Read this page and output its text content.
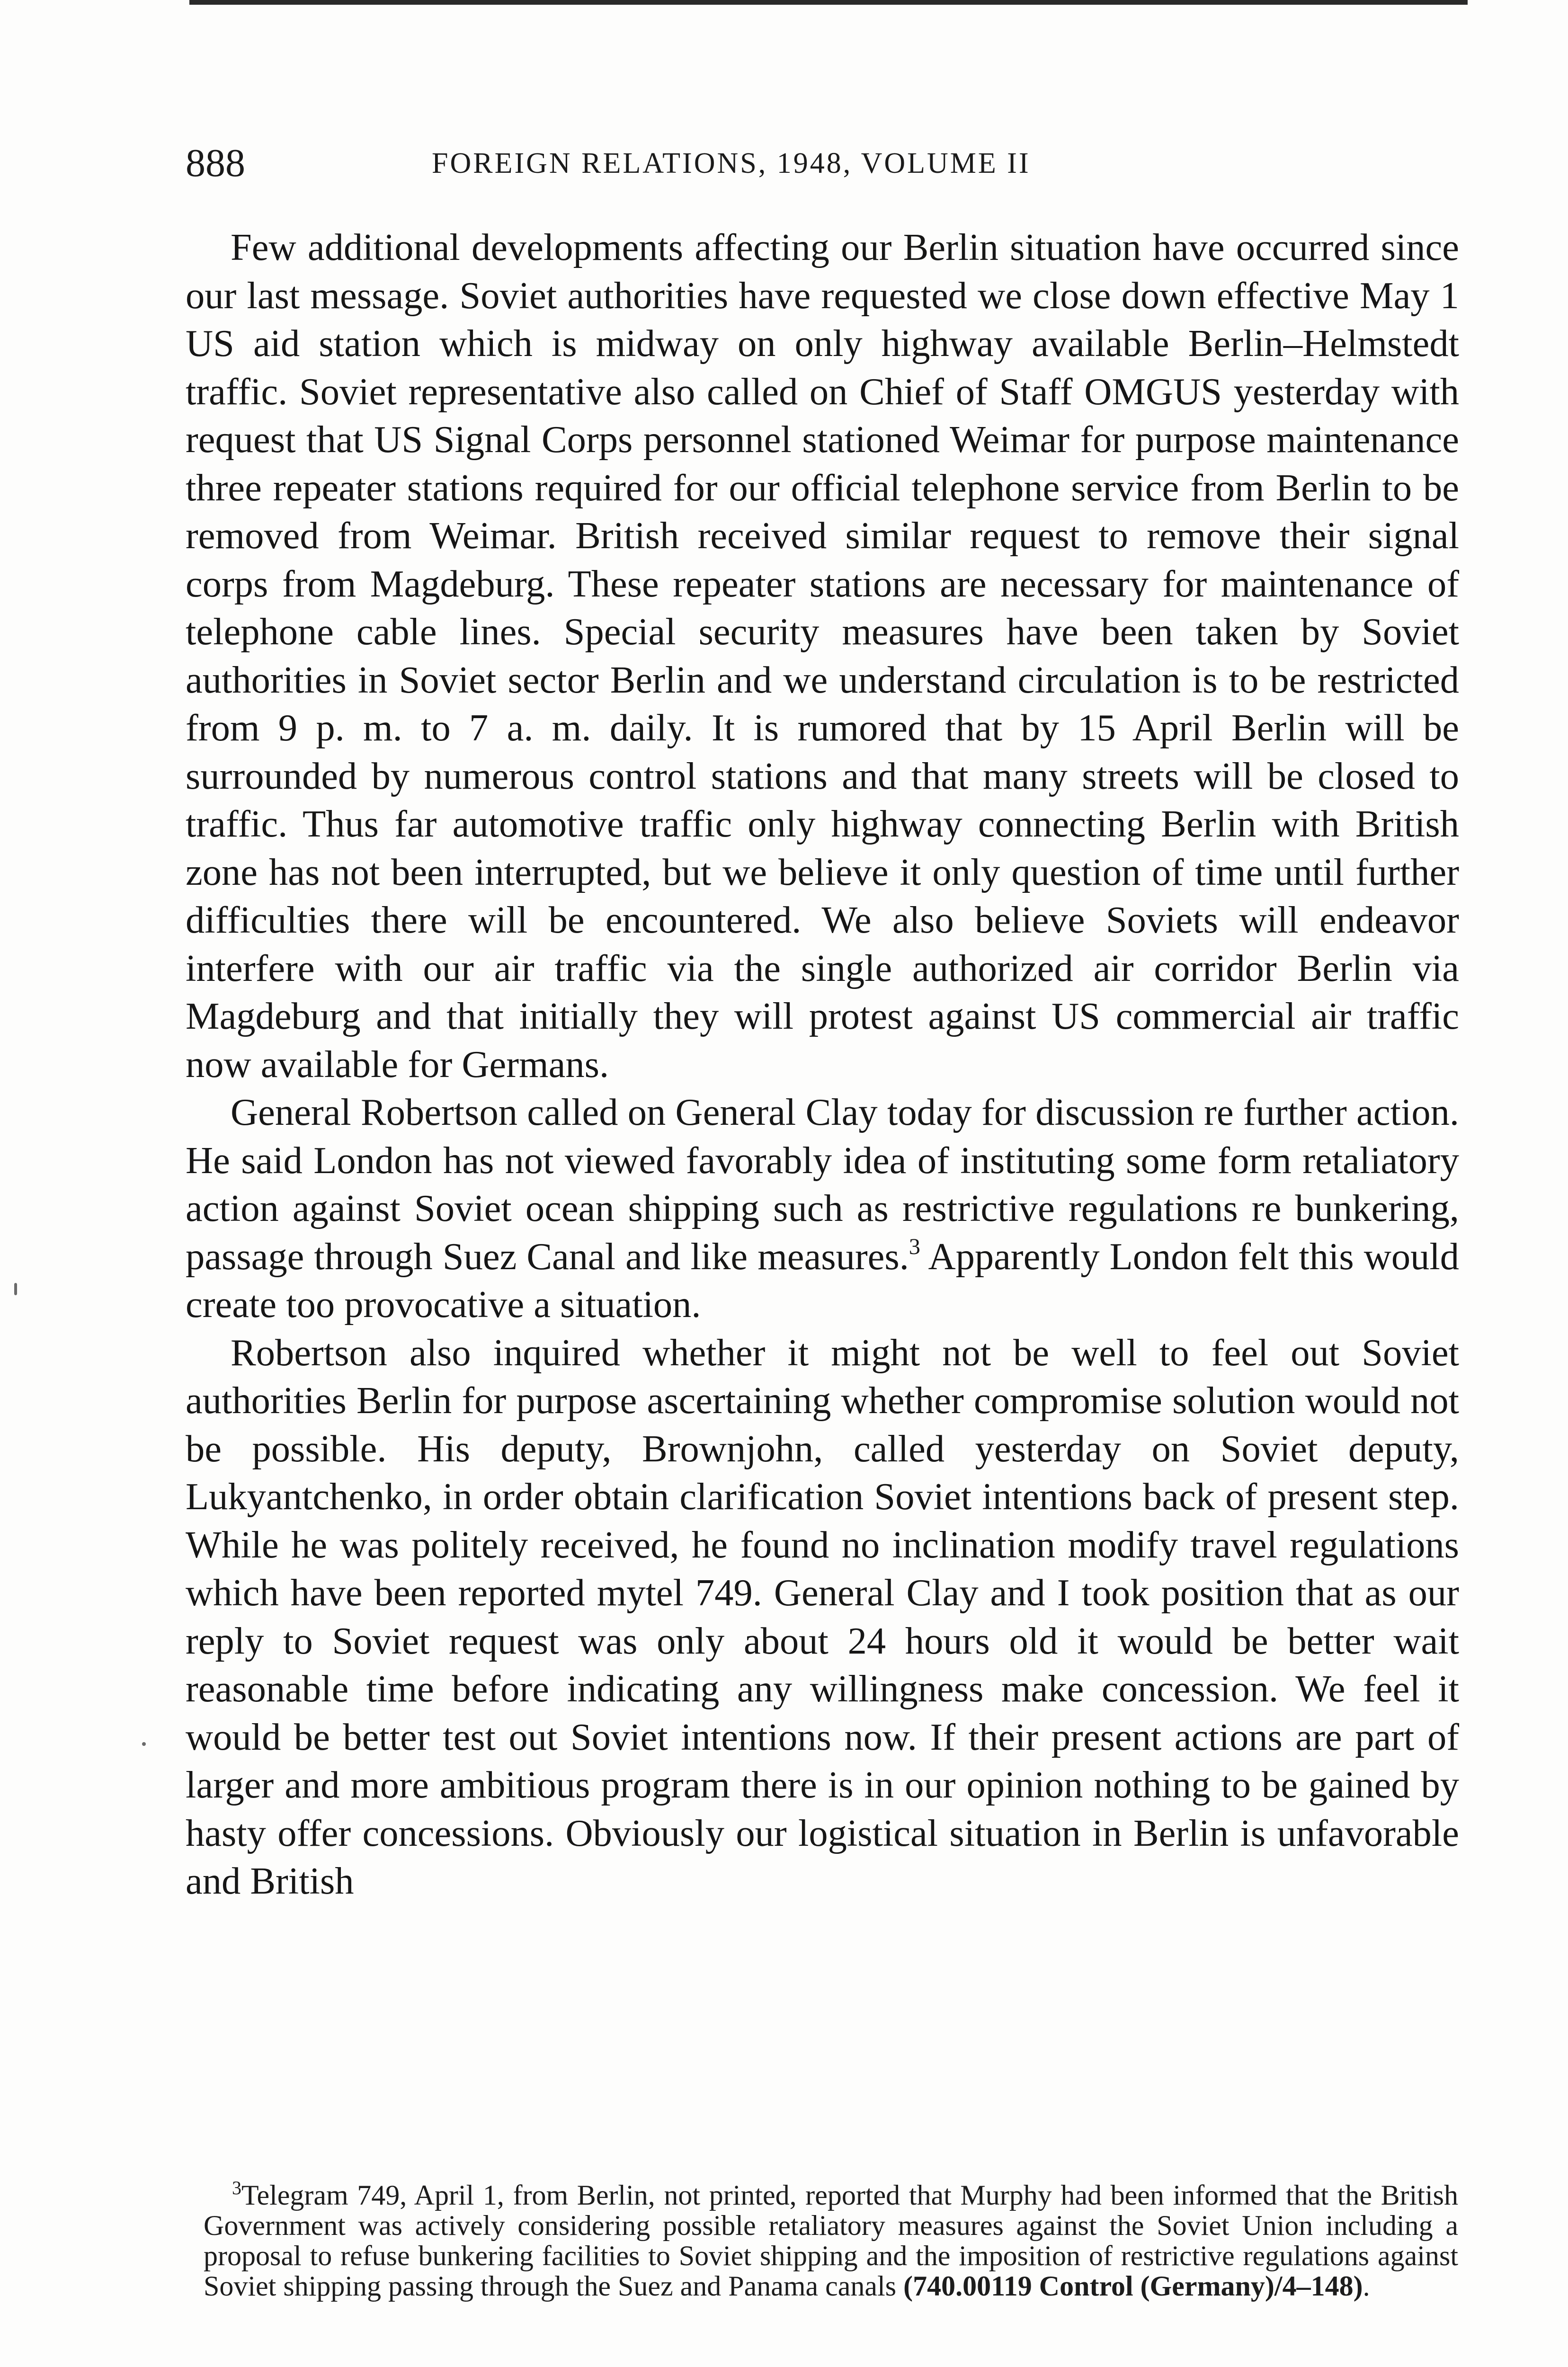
888	FOREIGN RELATIONS, 1948, VOLUME II

Few additional developments affecting our Berlin situation have occurred since our last message. Soviet authorities have requested we close down effective May 1 US aid station which is midway on only highway available Berlin–Helmstedt traffic. Soviet representative also called on Chief of Staff OMGUS yesterday with request that US Signal Corps personnel stationed Weimar for purpose maintenance three repeater stations required for our official telephone service from Berlin to be removed from Weimar. British received similar request to remove their signal corps from Magdeburg. These repeater stations are necessary for maintenance of telephone cable lines. Special security measures have been taken by Soviet authorities in Soviet sector Berlin and we understand circulation is to be restricted from 9 p. m. to 7 a. m. daily. It is rumored that by 15 April Berlin will be surrounded by numerous control stations and that many streets will be closed to traffic. Thus far automotive traffic only highway connecting Berlin with British zone has not been interrupted, but we believe it only question of time until further difficulties there will be encountered. We also believe Soviets will endeavor interfere with our air traffic via the single authorized air corridor Berlin via Magdeburg and that initially they will protest against US commercial air traffic now available for Germans.

General Robertson called on General Clay today for discussion re further action. He said London has not viewed favorably idea of instituting some form retaliatory action against Soviet ocean shipping such as restrictive regulations re bunkering, passage through Suez Canal and like measures.$^3$ Apparently London felt this would create too provocative a situation.

Robertson also inquired whether it might not be well to feel out Soviet authorities Berlin for purpose ascertaining whether compromise solution would not be possible. His deputy, Brownjohn, called yesterday on Soviet deputy, Lukyantchenko, in order obtain clarification Soviet intentions back of present step. While he was politely received, he found no inclination modify travel regulations which have been reported mytel 749. General Clay and I took position that as our reply to Soviet request was only about 24 hours old it would be better wait reasonable time before indicating any willingness make concession. We feel it would be better test out Soviet intentions now. If their present actions are part of larger and more ambitious program there is in our opinion nothing to be gained by hasty offer concessions. Obviously our logistical situation in Berlin is unfavorable and British

$^3$Telegram 749, April 1, from Berlin, not printed, reported that Murphy had been informed that the British Government was actively considering possible retaliatory measures against the Soviet Union including a proposal to refuse bunkering facilities to Soviet shipping and the imposition of restrictive regulations against Soviet shipping passing through the Suez and Panama canals (740.00119 Control (Germany)/4–148).
